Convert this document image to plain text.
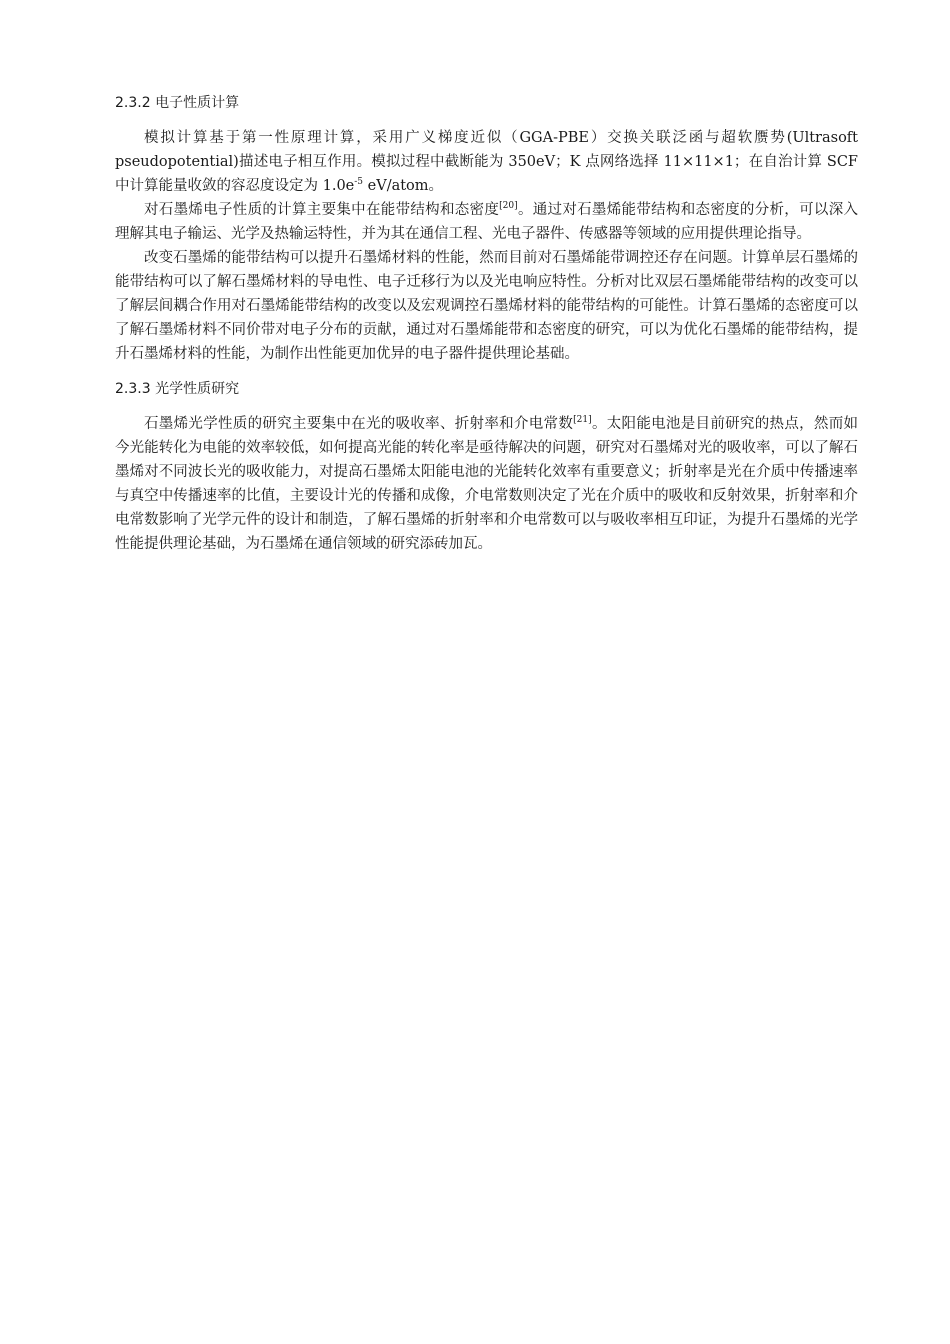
2.3.2 电子性质计算

模拟计算基于第一性原理计算，采用广义梯度近似（GGA-PBE）交换关联泛函与超软赝势(Ultrasoft pseudopotential)描述电子相互作用。模拟过程中截断能为 350eV；K 点网络选择 11×11×1；在自治计算 SCF 中计算能量收敛的容忍度设定为 $1.0e^{-5}$ eV/atom。

对石墨烯电子性质的计算主要集中在能带结构和态密度[20]。通过对石墨烯能带结构和态密度的分析，可以深入理解其电子输运、光学及热输运特性，并为其在通信工程、光电子器件、传感器等领域的应用提供理论指导。

改变石墨烯的能带结构可以提升石墨烯材料的性能，然而目前对石墨烯能带调控还存在问题。计算单层石墨烯的能带结构可以了解石墨烯材料的导电性、电子迁移行为以及光电响应特性。分析对比双层石墨烯能带结构的改变可以了解层间耦合作用对石墨烯能带结构的改变以及宏观调控石墨烯材料的能带结构的可能性。计算石墨烯的态密度可以了解石墨烯材料不同价带对电子分布的贡献，通过对石墨烯能带和态密度的研究，可以为优化石墨烯的能带结构，提升石墨烯材料的性能，为制作出性能更加优异的电子器件提供理论基础。

2.3.3 光学性质研究

石墨烯光学性质的研究主要集中在光的吸收率、折射率和介电常数[21]。太阳能电池是目前研究的热点，然而如今光能转化为电能的效率较低，如何提高光能的转化率是亟待解决的问题，研究对石墨烯对光的吸收率，可以了解石墨烯对不同波长光的吸收能力，对提高石墨烯太阳能电池的光能转化效率有重要意义；折射率是光在介质中传播速率与真空中传播速率的比值，主要设计光的传播和成像，介电常数则决定了光在介质中的吸收和反射效果，折射率和介电常数影响了光学元件的设计和制造，了解石墨烯的折射率和介电常数可以与吸收率相互印证，为提升石墨烯的光学性能提供理论基础，为石墨烯在通信领域的研究添砖加瓦。
